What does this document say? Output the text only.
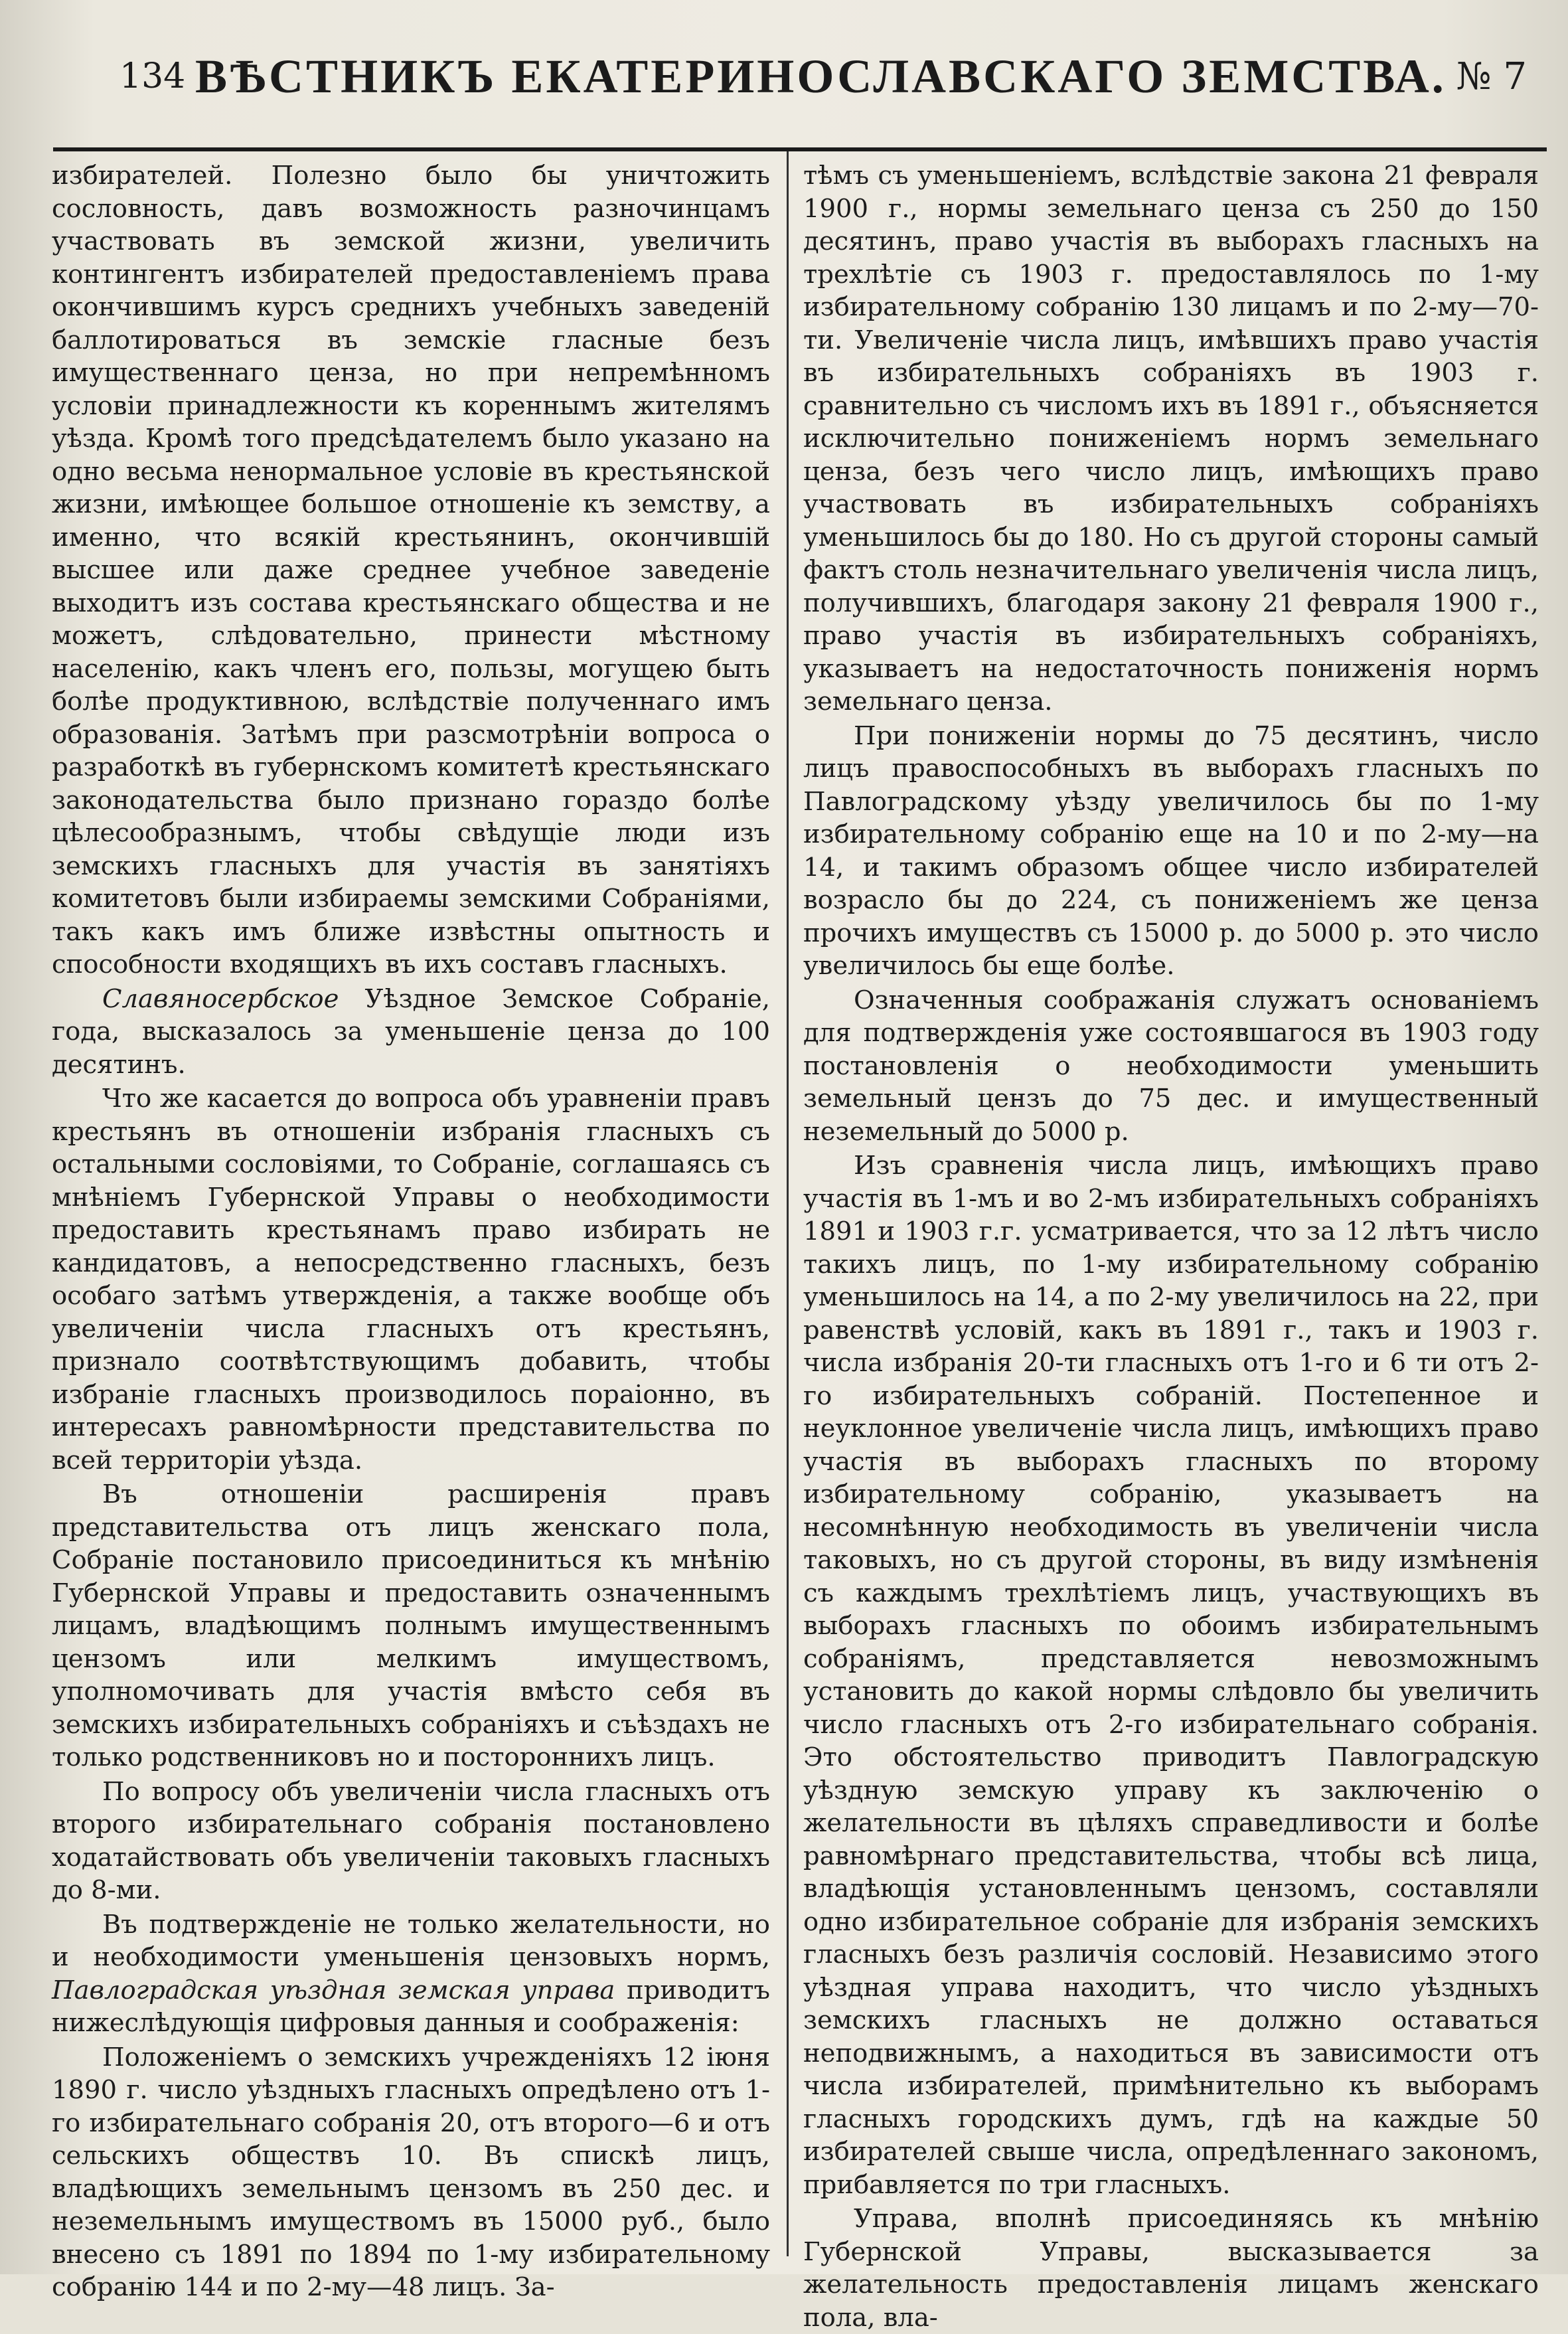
134 ВѢСТНИКЪ ЕКАТЕРИНОСЛАВСКАГО ЗЕМСТВА. № 7

избирателей. Полезно было бы уничтожить сословность, давъ возможность разночинцамъ участвовать въ земской жизни, увеличить контингентъ избирателей предоставленіемъ права окончившимъ курсъ среднихъ учебныхъ заведеній баллотироваться въ земскіе гласные безъ имущественнаго ценза, но при непремѣнномъ условіи принадлежности къ кореннымъ жителямъ уѣзда. Кромѣ того предсѣдателемъ было указано на одно весьма ненормальное условіе въ крестьянской жизни, имѣющее большое отношеніе къ земству, а именно, что всякій крестьянинъ, окончившій высшее или даже среднее учебное заведеніе выходитъ изъ состава крестьянскаго общества и не можетъ, слѣдовательно, принести мѣстному населенію, какъ членъ его, пользы, могущею быть болѣе продуктивною, вслѣдствіе полученнаго имъ образованія. Затѣмъ при разсмотрѣніи вопроса о разработкѣ въ губернскомъ комитетѣ крестьянскаго законодательства было признано гораздо болѣе цѣлесообразнымъ, чтобы свѣдущіе люди изъ земскихъ гласныхъ для участія въ занятіяхъ комитетовъ были избираемы земскими Собраніями, такъ какъ имъ ближе извѣстны опытность и способности входящихъ въ ихъ составъ гласныхъ.

Славяносербское Уѣздное Земское Собраніе, года, высказалось за уменьшеніе ценза до 100 десятинъ.

Что же касается до вопроса объ уравненіи правъ крестьянъ въ отношеніи избранія гласныхъ съ остальными сословіями, то Собраніе, соглашаясь съ мнѣніемъ Губернской Управы о необходимости предоставить крестьянамъ право избирать не кандидатовъ, а непосредственно гласныхъ, безъ особаго затѣмъ утвержденія, а также вообще объ увеличеніи числа гласныхъ отъ крестьянъ, признало соотвѣтствующимъ добавить, чтобы избраніе гласныхъ производилось пораіонно, въ интересахъ равномѣрности представительства по всей территоріи уѣзда.

Въ отношеніи расширенія правъ представительства отъ лицъ женскаго пола, Собраніе постановило присоединиться къ мнѣнію Губернской Управы и предоставить означеннымъ лицамъ, владѣющимъ полнымъ имущественнымъ цензомъ или мелкимъ имуществомъ, уполномочивать для участія вмѣсто себя въ земскихъ избирательныхъ собраніяхъ и съѣздахъ не только родственниковъ но и постороннихъ лицъ.

По вопросу объ увеличеніи числа гласныхъ отъ второго избирательнаго собранія постановлено ходатайствовать объ увеличеніи таковыхъ гласныхъ до 8-ми.

Въ подтвержденіе не только желательности, но и необходимости уменьшенія цензовыхъ нормъ, Павлоградская уѣздная земская управа приводитъ нижеслѣдующія цифровыя данныя и соображенія:

Положеніемъ о земскихъ учрежденіяхъ 12 іюня 1890 г. число уѣздныхъ гласныхъ опредѣлено отъ 1-го избирательнаго собранія 20, отъ второго—6 и отъ сельскихъ обществъ 10. Въ спискѣ лицъ, владѣющихъ земельнымъ цензомъ въ 250 дес. и неземельнымъ имуществомъ въ 15000 руб., было внесено съ 1891 по 1894 по 1-му избирательному собранію 144 и по 2-му—48 лицъ. За-

тѣмъ съ уменьшеніемъ, вслѣдствіе закона 21 февраля 1900 г., нормы земельнаго ценза съ 250 до 150 десятинъ, право участія въ выборахъ гласныхъ на трехлѣтіе съ 1903 г. предоставлялось по 1-му избирательному собранію 130 лицамъ и по 2-му—70-ти. Увеличеніе числа лицъ, имѣвшихъ право участія въ избирательныхъ собраніяхъ въ 1903 г. сравнительно съ числомъ ихъ въ 1891 г., объясняется исключительно пониженіемъ нормъ земельнаго ценза, безъ чего число лицъ, имѣющихъ право участвовать въ избирательныхъ собраніяхъ уменьшилось бы до 180. Но съ другой стороны самый фактъ столь незначительнаго увеличенія числа лицъ, получившихъ, благодаря закону 21 февраля 1900 г., право участія въ избирательныхъ собраніяхъ, указываетъ на недостаточность пониженія нормъ земельнаго ценза.

При пониженіи нормы до 75 десятинъ, число лицъ правоспособныхъ въ выборахъ гласныхъ по Павлоградскому уѣзду увеличилось бы по 1-му избирательному собранію еще на 10 и по 2-му—на 14, и такимъ образомъ общее число избирателей возрасло бы до 224, съ пониженіемъ же ценза прочихъ имуществъ съ 15000 р. до 5000 р. это число увеличилось бы еще болѣе.

Означенныя соображанія служатъ основаніемъ для подтвержденія уже состоявшагося въ 1903 году постановленія о необходимости уменьшить земельный цензъ до 75 дес. и имущественный неземельный до 5000 р.

Изъ сравненія числа лицъ, имѣющихъ право участія въ 1-мъ и во 2-мъ избирательныхъ собраніяхъ 1891 и 1903 г.г. усматривается, что за 12 лѣтъ число такихъ лицъ, по 1-му избирательному собранію уменьшилось на 14, а по 2-му увеличилось на 22, при равенствѣ условій, какъ въ 1891 г., такъ и 1903 г. числа избранія 20-ти гласныхъ отъ 1-го и 6 ти отъ 2-го избирательныхъ собраній. Постепенное и неуклонное увеличеніе числа лицъ, имѣющихъ право участія въ выборахъ гласныхъ по второму избирательному собранію, указываетъ на несомнѣнную необходимость въ увеличеніи числа таковыхъ, но съ другой стороны, въ виду измѣненія съ каждымъ трехлѣтіемъ лицъ, участвующихъ въ выборахъ гласныхъ по обоимъ избирательнымъ собраніямъ, представляется невозможнымъ установить до какой нормы слѣдовло бы увеличить число гласныхъ отъ 2-го избирательнаго собранія. Это обстоятельство приводитъ Павлоградскую уѣздную земскую управу къ заключенію о желательности въ цѣляхъ справедливости и болѣе равномѣрнаго представительства, чтобы всѣ лица, владѣющія установленнымъ цензомъ, составляли одно избирательное собраніе для избранія земскихъ гласныхъ безъ различія сословій. Независимо этого уѣздная управа находитъ, что число уѣздныхъ земскихъ гласныхъ не должно оставаться неподвижнымъ, а находиться въ зависимости отъ числа избирателей, примѣнительно къ выборамъ гласныхъ городскихъ думъ, гдѣ на каждые 50 избирателей свыше числа, опредѣленнаго закономъ, прибавляется по три гласныхъ.

Управа, вполнѣ присоединяясь къ мнѣнію Губернской Управы, высказывается за желательность предоставленія лицамъ женскаго пола, вла-
